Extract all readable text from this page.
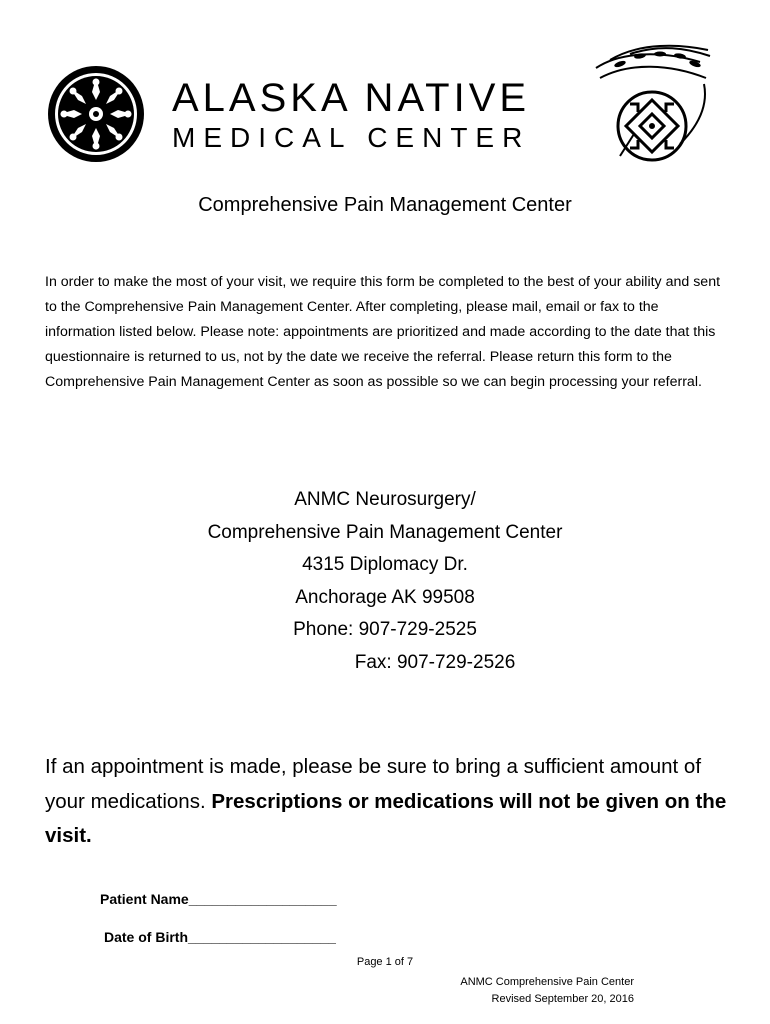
ALASKA NATIVE
MEDICAL CENTER
Comprehensive Pain Management Center
In order to make the most of your visit, we require this form be completed to the best of your ability and sent to the Comprehensive Pain Management Center. After completing, please mail, email or fax to the information listed below. Please note: appointments are prioritized and made according to the date that this questionnaire is returned to us, not by the date we receive the referral. Please return this form to the Comprehensive Pain Management Center as soon as possible so we can begin processing your referral.
ANMC Neurosurgery/
Comprehensive Pain Management Center
4315 Diplomacy Dr.
Anchorage AK 99508
Phone: 907-729-2525
Fax: 907-729-2526
If an appointment is made, please be sure to bring a sufficient amount of your medications. Prescriptions or medications will not be given on the visit.
Patient Name___________________
Date of Birth___________________
Page 1 of 7
ANMC Comprehensive Pain Center
Revised September 20, 2016
